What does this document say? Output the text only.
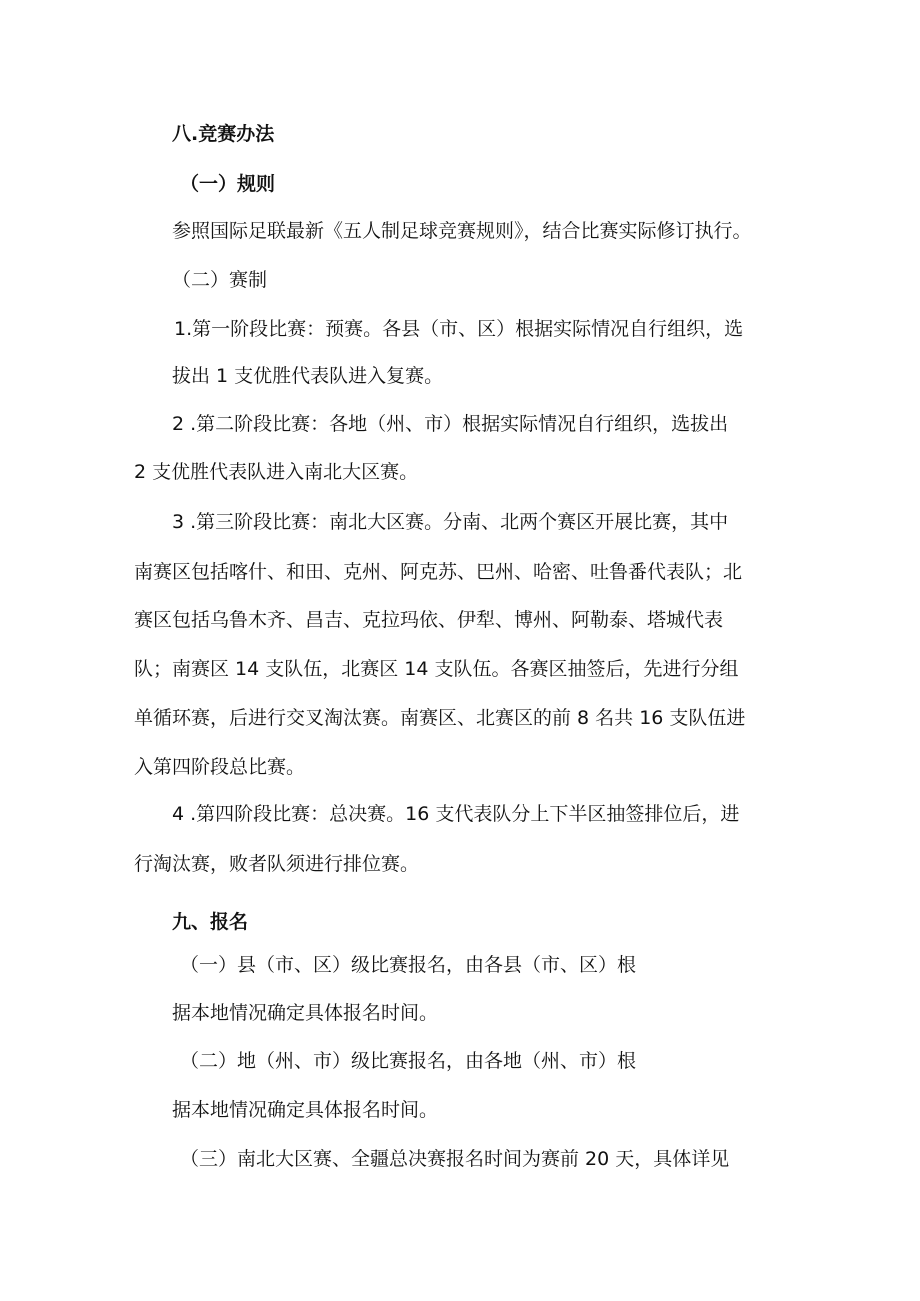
八.竞赛办法
（一）规则
参照国际足联最新《五人制足球竞赛规则》，结合比赛实际修订执行。
（二）赛制
1.第一阶段比赛：预赛。各县（市、区）根据实际情况自行组织，选
拔出 1 支优胜代表队进入复赛。
2 .第二阶段比赛：各地（州、市）根据实际情况自行组织，选拔出
2 支优胜代表队进入南北大区赛。
3 .第三阶段比赛：南北大区赛。分南、北两个赛区开展比赛，其中
南赛区包括喀什、和田、克州、阿克苏、巴州、哈密、吐鲁番代表队；北
赛区包括乌鲁木齐、昌吉、克拉玛依、伊犁、博州、阿勒泰、塔城代表
队；南赛区 14 支队伍，北赛区 14 支队伍。各赛区抽签后，先进行分组
单循环赛，后进行交叉淘汰赛。南赛区、北赛区的前 8 名共 16 支队伍进
入第四阶段总比赛。
4 .第四阶段比赛：总决赛。16 支代表队分上下半区抽签排位后，进
行淘汰赛，败者队须进行排位赛。
九、报名
（一）县（市、区）级比赛报名，由各县（市、区）根
据本地情况确定具体报名时间。
（二）地（州、市）级比赛报名，由各地（州、市）根
据本地情况确定具体报名时间。
（三）南北大区赛、全疆总决赛报名时间为赛前 20 天，具体详见
